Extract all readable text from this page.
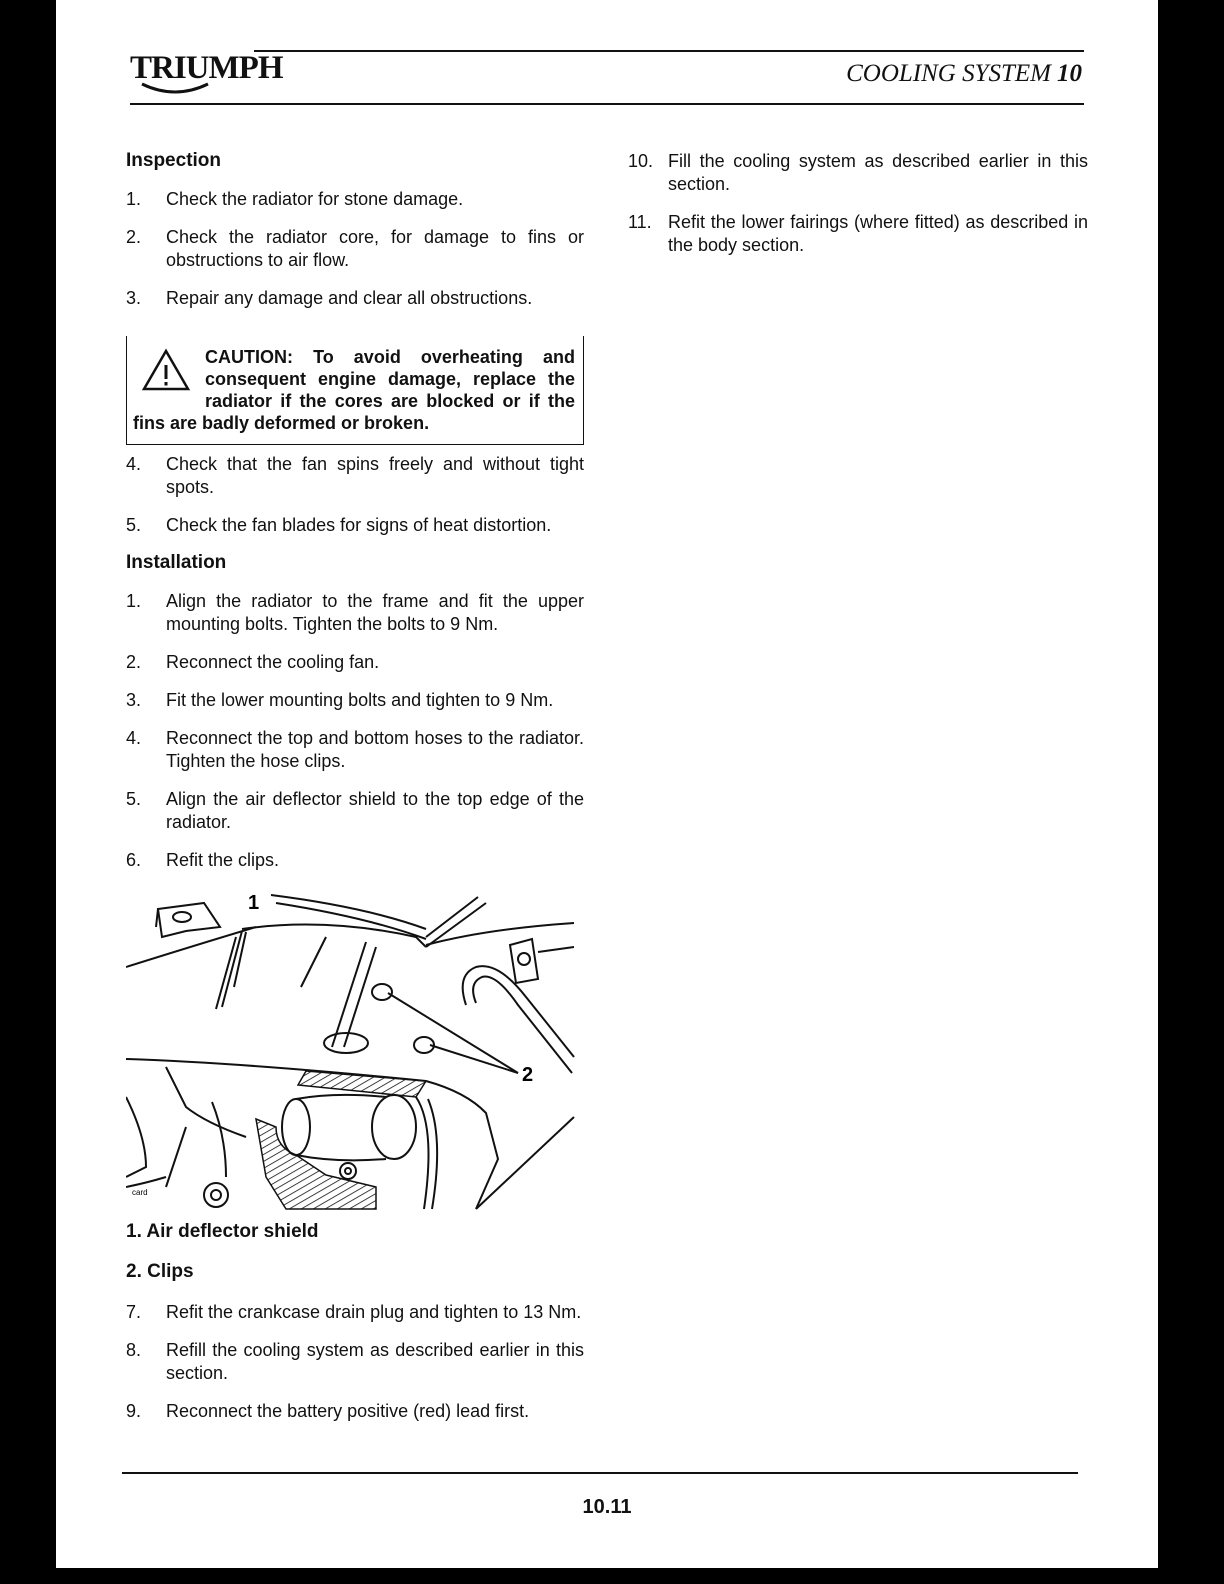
TRIUMPH	COOLING SYSTEM 10
Inspection
1.	Check the radiator for stone damage.
2.	Check the radiator core, for damage to fins or obstructions to air flow.
3.	Repair any damage and clear all obstructions.
CAUTION: To avoid overheating and consequent engine damage, replace the radiator if the cores are blocked or if the fins are badly deformed or broken.
4.	Check that the fan spins freely and without tight spots.
5.	Check the fan blades for signs of heat distortion.
Installation
1.	Align the radiator to the frame and fit the upper mounting bolts. Tighten the bolts to 9 Nm.
2.	Reconnect the cooling fan.
3.	Fit the lower mounting bolts and tighten to 9 Nm.
4.	Reconnect the top and bottom hoses to the radiator. Tighten the hose clips.
5.	Align the air deflector shield to the top edge of the radiator.
6.	Refit the clips.
1
2
card
1. Air deflector shield
2. Clips
7.	Refit the crankcase drain plug and tighten to 13 Nm.
8.	Refill the cooling system as described earlier in this section.
9.	Reconnect the battery positive (red) lead first.
10. Fill the cooling system as described earlier in this section.
11. Refit the lower fairings (where fitted) as described in the body section.
10.11
